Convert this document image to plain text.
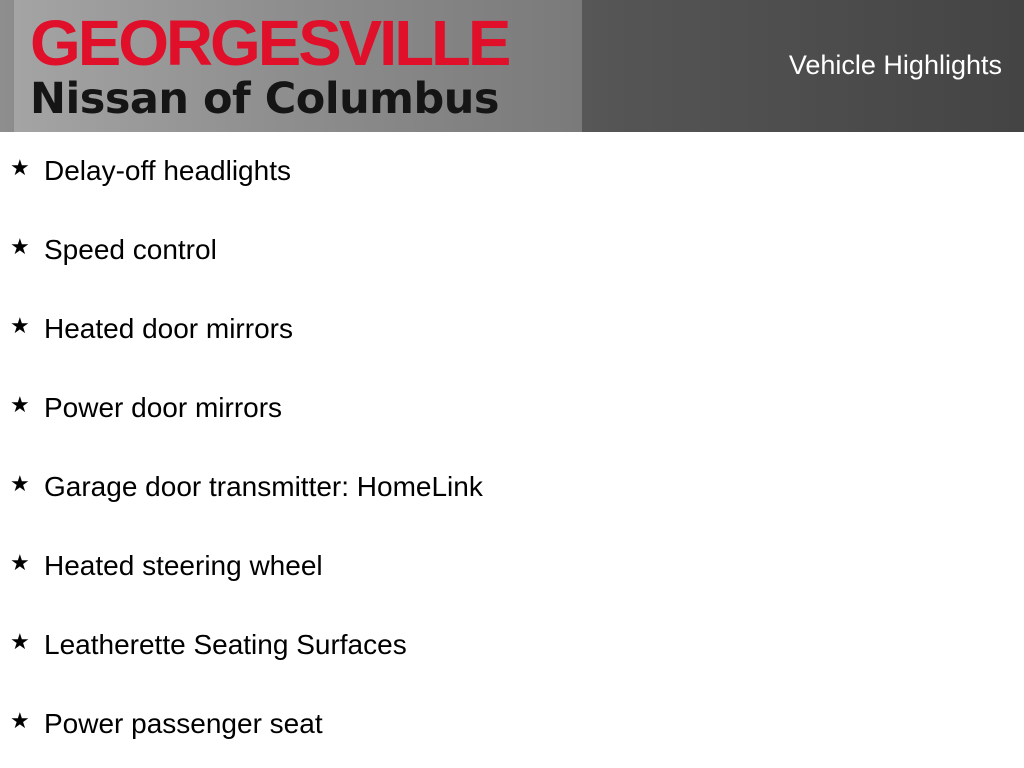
GEORGESVILLE
Nissan of Columbus
Vehicle Highlights
★ Delay-off headlights
★ Speed control
★ Heated door mirrors
★ Power door mirrors
★ Garage door transmitter: HomeLink
★ Heated steering wheel
★ Leatherette Seating Surfaces
★ Power passenger seat
